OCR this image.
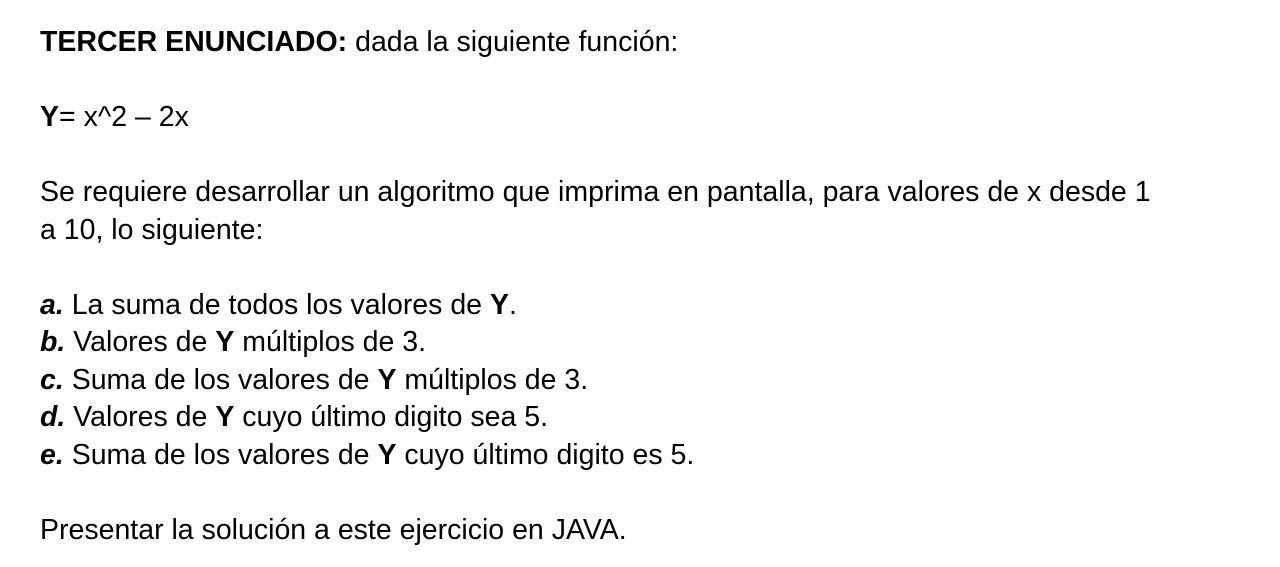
TERCER ENUNCIADO: dada la siguiente función:

Y= x^2 – 2x

Se requiere desarrollar un algoritmo que imprima en pantalla, para valores de x desde 1

a 10, lo siguiente:

a. La suma de todos los valores de Y.

b. Valores de Y múltiplos de 3.

c. Suma de los valores de Y múltiplos de 3.

d. Valores de Y cuyo último digito sea 5.

e. Suma de los valores de Y cuyo último digito es 5.

Presentar la solución a este ejercicio en JAVA.
